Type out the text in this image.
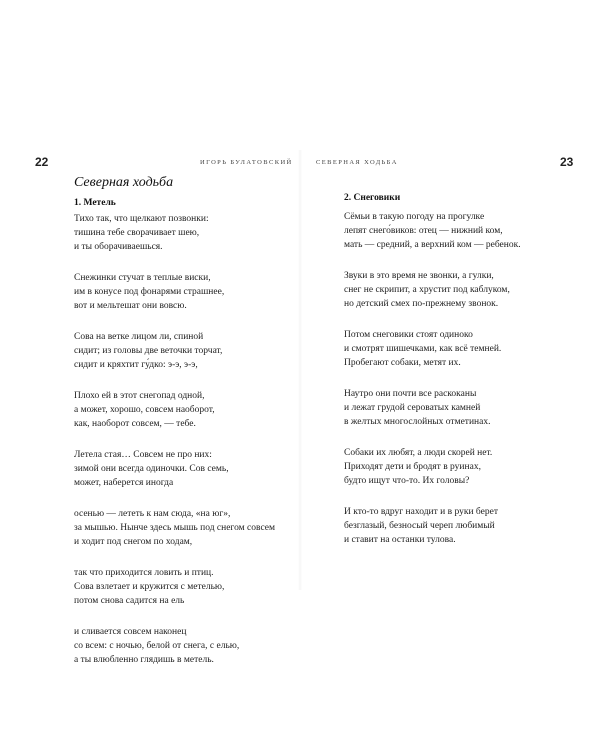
22	ИГОРЬ БУЛАТОВСКИЙ
Северная ходьба
1. Метель
Тихо так, что щелкают позвонки:
тишина тебе сворачивает шею,
и ты оборачиваешься.
Снежинки стучат в теплые виски,
им в конусе под фонарями страшнее,
вот и мельтешат они вовсю.
Сова на ветке лицом ли, спиной
сидит; из головы две веточки торчат,
сидит и кряхтит гу́дко: э-э, э-э,
Плохо ей в этот снегопад одной,
а может, хорошо, совсем наоборот,
как, наоборот совсем, — тебе.
Летела стая… Совсем не про них:
зимой они всегда одиночки. Сов семь,
может, наберется иногда
осенью — лететь к нам сюда, «на юг»,
за мышью. Нынче здесь мышь под снегом совсем
и ходит под снегом по ходам,
так что приходится ловить и птиц.
Сова взлетает и кружится с метелью,
потом снова садится на ель
и сливается совсем наконец
со всем: с ночью, белой от снега, с елью,
а ты влюбленно глядишь в метель.
23
СЕВЕРНАЯ ХОДЬБА
2. Снеговики
Сёмьи в такую погоду на прогулке
лепят снего́виков: отец — нижний ком,
мать — средний, а верхний ком — ребенок.
Звуки в это время не звонки, а гулки,
снег не скрипит, а хрустит под каблуком,
но детский смех по-прежнему звонок.
Потом снеговики стоят одиноко
и смотрят шишечками, как всё темней.
Пробегают собаки, метят их.
Наутро они почти все раскоканы
и лежат грудой сероватых камней
в желтых многослойных отметинах.
Собаки их любят, а люди скорей нет.
Приходят дети и бродят в руинах,
будто ищут что-то. Их головы?
И кто-то вдруг находит и в руки берет
безглазый, безносый череп любимый
и ставит на останки тулова.
